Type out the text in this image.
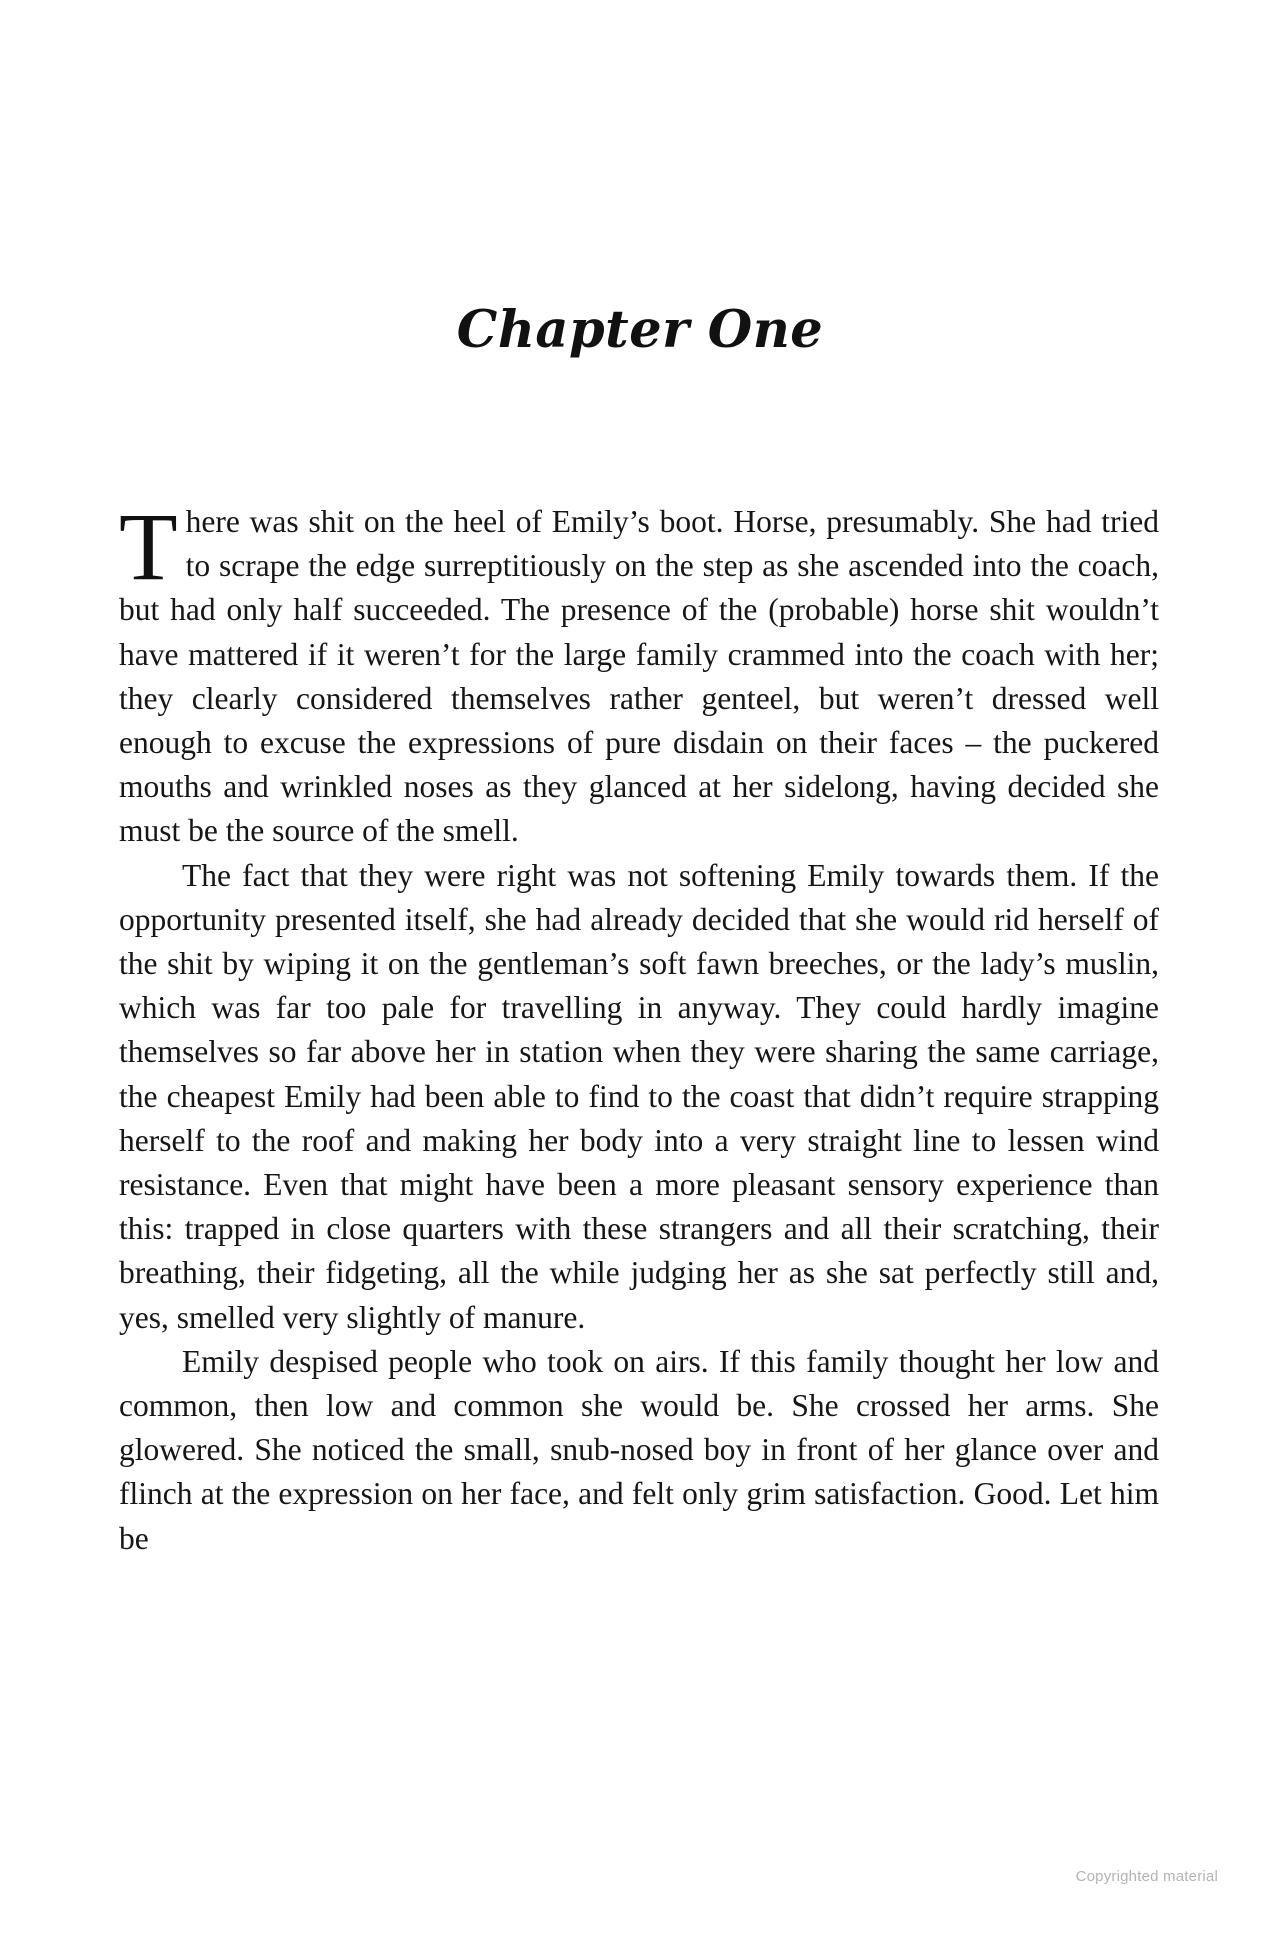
Chapter One

There was shit on the heel of Emily’s boot. Horse, presumably. She had tried to scrape the edge surreptitiously on the step as she ascended into the coach, but had only half succeeded. The presence of the (probable) horse shit wouldn’t have mattered if it weren’t for the large family crammed into the coach with her; they clearly considered themselves rather genteel, but weren’t dressed well enough to excuse the expressions of pure disdain on their faces – the puckered mouths and wrinkled noses as they glanced at her sidelong, having decided she must be the source of the smell.

The fact that they were right was not softening Emily towards them. If the opportunity presented itself, she had already decided that she would rid herself of the shit by wiping it on the gentleman’s soft fawn breeches, or the lady’s muslin, which was far too pale for travelling in anyway. They could hardly imagine themselves so far above her in station when they were sharing the same carriage, the cheapest Emily had been able to find to the coast that didn’t require strapping herself to the roof and making her body into a very straight line to lessen wind resistance. Even that might have been a more pleasant sensory experience than this: trapped in close quarters with these strangers and all their scratching, their breathing, their fidgeting, all the while judging her as she sat perfectly still and, yes, smelled very slightly of manure.

Emily despised people who took on airs. If this family thought her low and common, then low and common she would be. She crossed her arms. She glowered. She noticed the small, snub-nosed boy in front of her glance over and flinch at the expression on her face, and felt only grim satisfaction. Good. Let him be

Copyrighted material
